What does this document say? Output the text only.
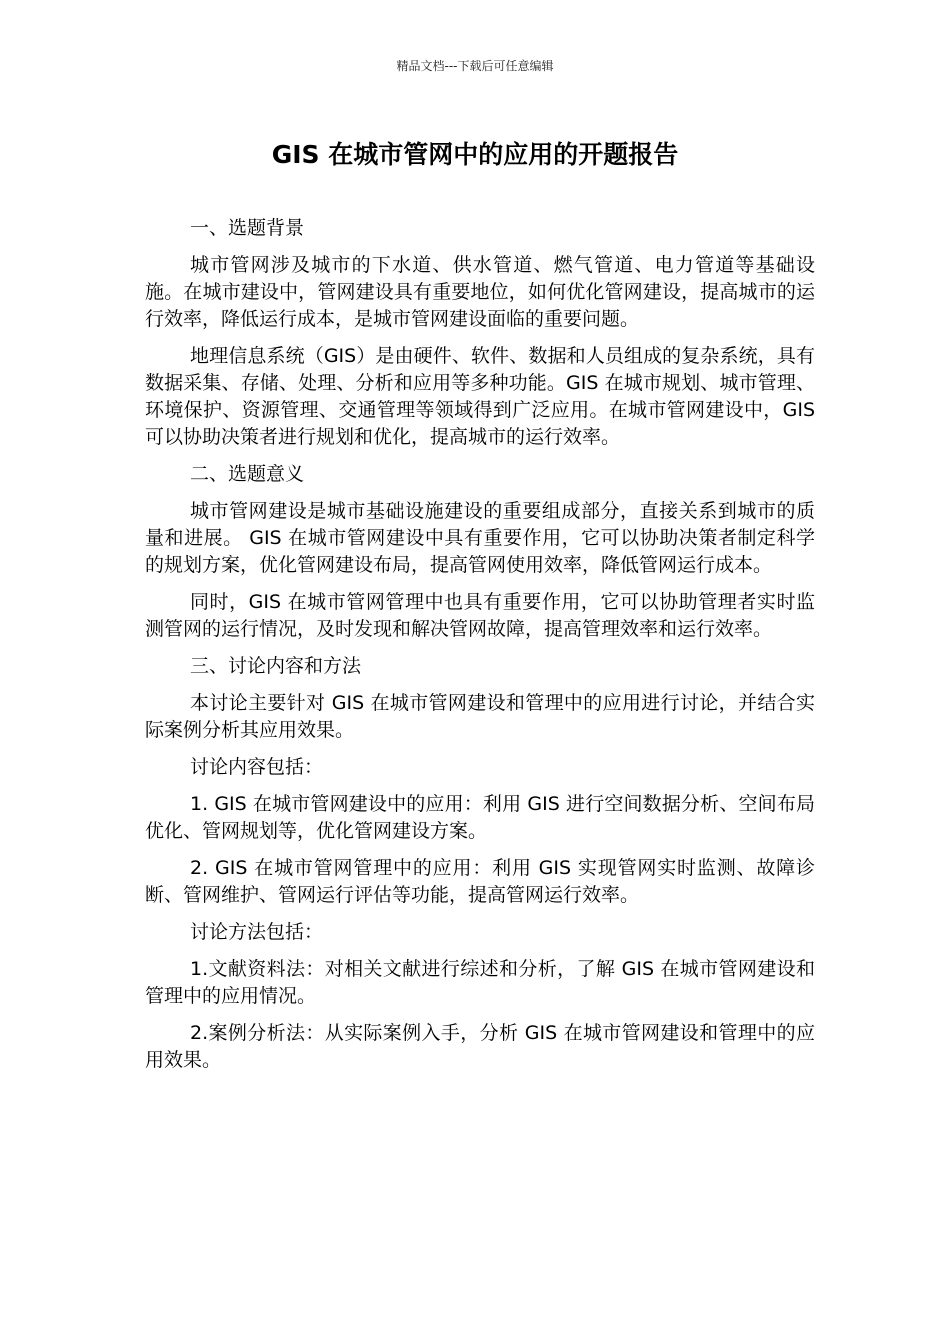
精品文档---下载后可任意编辑
GIS 在城市管网中的应用的开题报告

一、选题背景

城市管网涉及城市的下水道、供水管道、燃气管道、电力管道等基础设施。在城市建设中，管网建设具有重要地位，如何优化管网建设，提高城市的运行效率，降低运行成本，是城市管网建设面临的重要问题。

地理信息系统（GIS）是由硬件、软件、数据和人员组成的复杂系统，具有数据采集、存储、处理、分析和应用等多种功能。GIS 在城市规划、城市管理、环境保护、资源管理、交通管理等领域得到广泛应用。在城市管网建设中，GIS 可以协助决策者进行规划和优化，提高城市的运行效率。

二、选题意义

城市管网建设是城市基础设施建设的重要组成部分，直接关系到城市的质量和进展。 GIS 在城市管网建设中具有重要作用，它可以协助决策者制定科学的规划方案，优化管网建设布局，提高管网使用效率，降低管网运行成本。

同时，GIS 在城市管网管理中也具有重要作用，它可以协助管理者实时监测管网的运行情况，及时发现和解决管网故障，提高管理效率和运行效率。

三、讨论内容和方法

本讨论主要针对 GIS 在城市管网建设和管理中的应用进行讨论，并结合实际案例分析其应用效果。

讨论内容包括：

1. GIS 在城市管网建设中的应用：利用 GIS 进行空间数据分析、空间布局优化、管网规划等，优化管网建设方案。

2. GIS 在城市管网管理中的应用：利用 GIS 实现管网实时监测、故障诊断、管网维护、管网运行评估等功能，提高管网运行效率。

讨论方法包括：

1.文献资料法：对相关文献进行综述和分析，了解 GIS 在城市管网建设和管理中的应用情况。

2.案例分析法：从实际案例入手，分析 GIS 在城市管网建设和管理中的应用效果。
